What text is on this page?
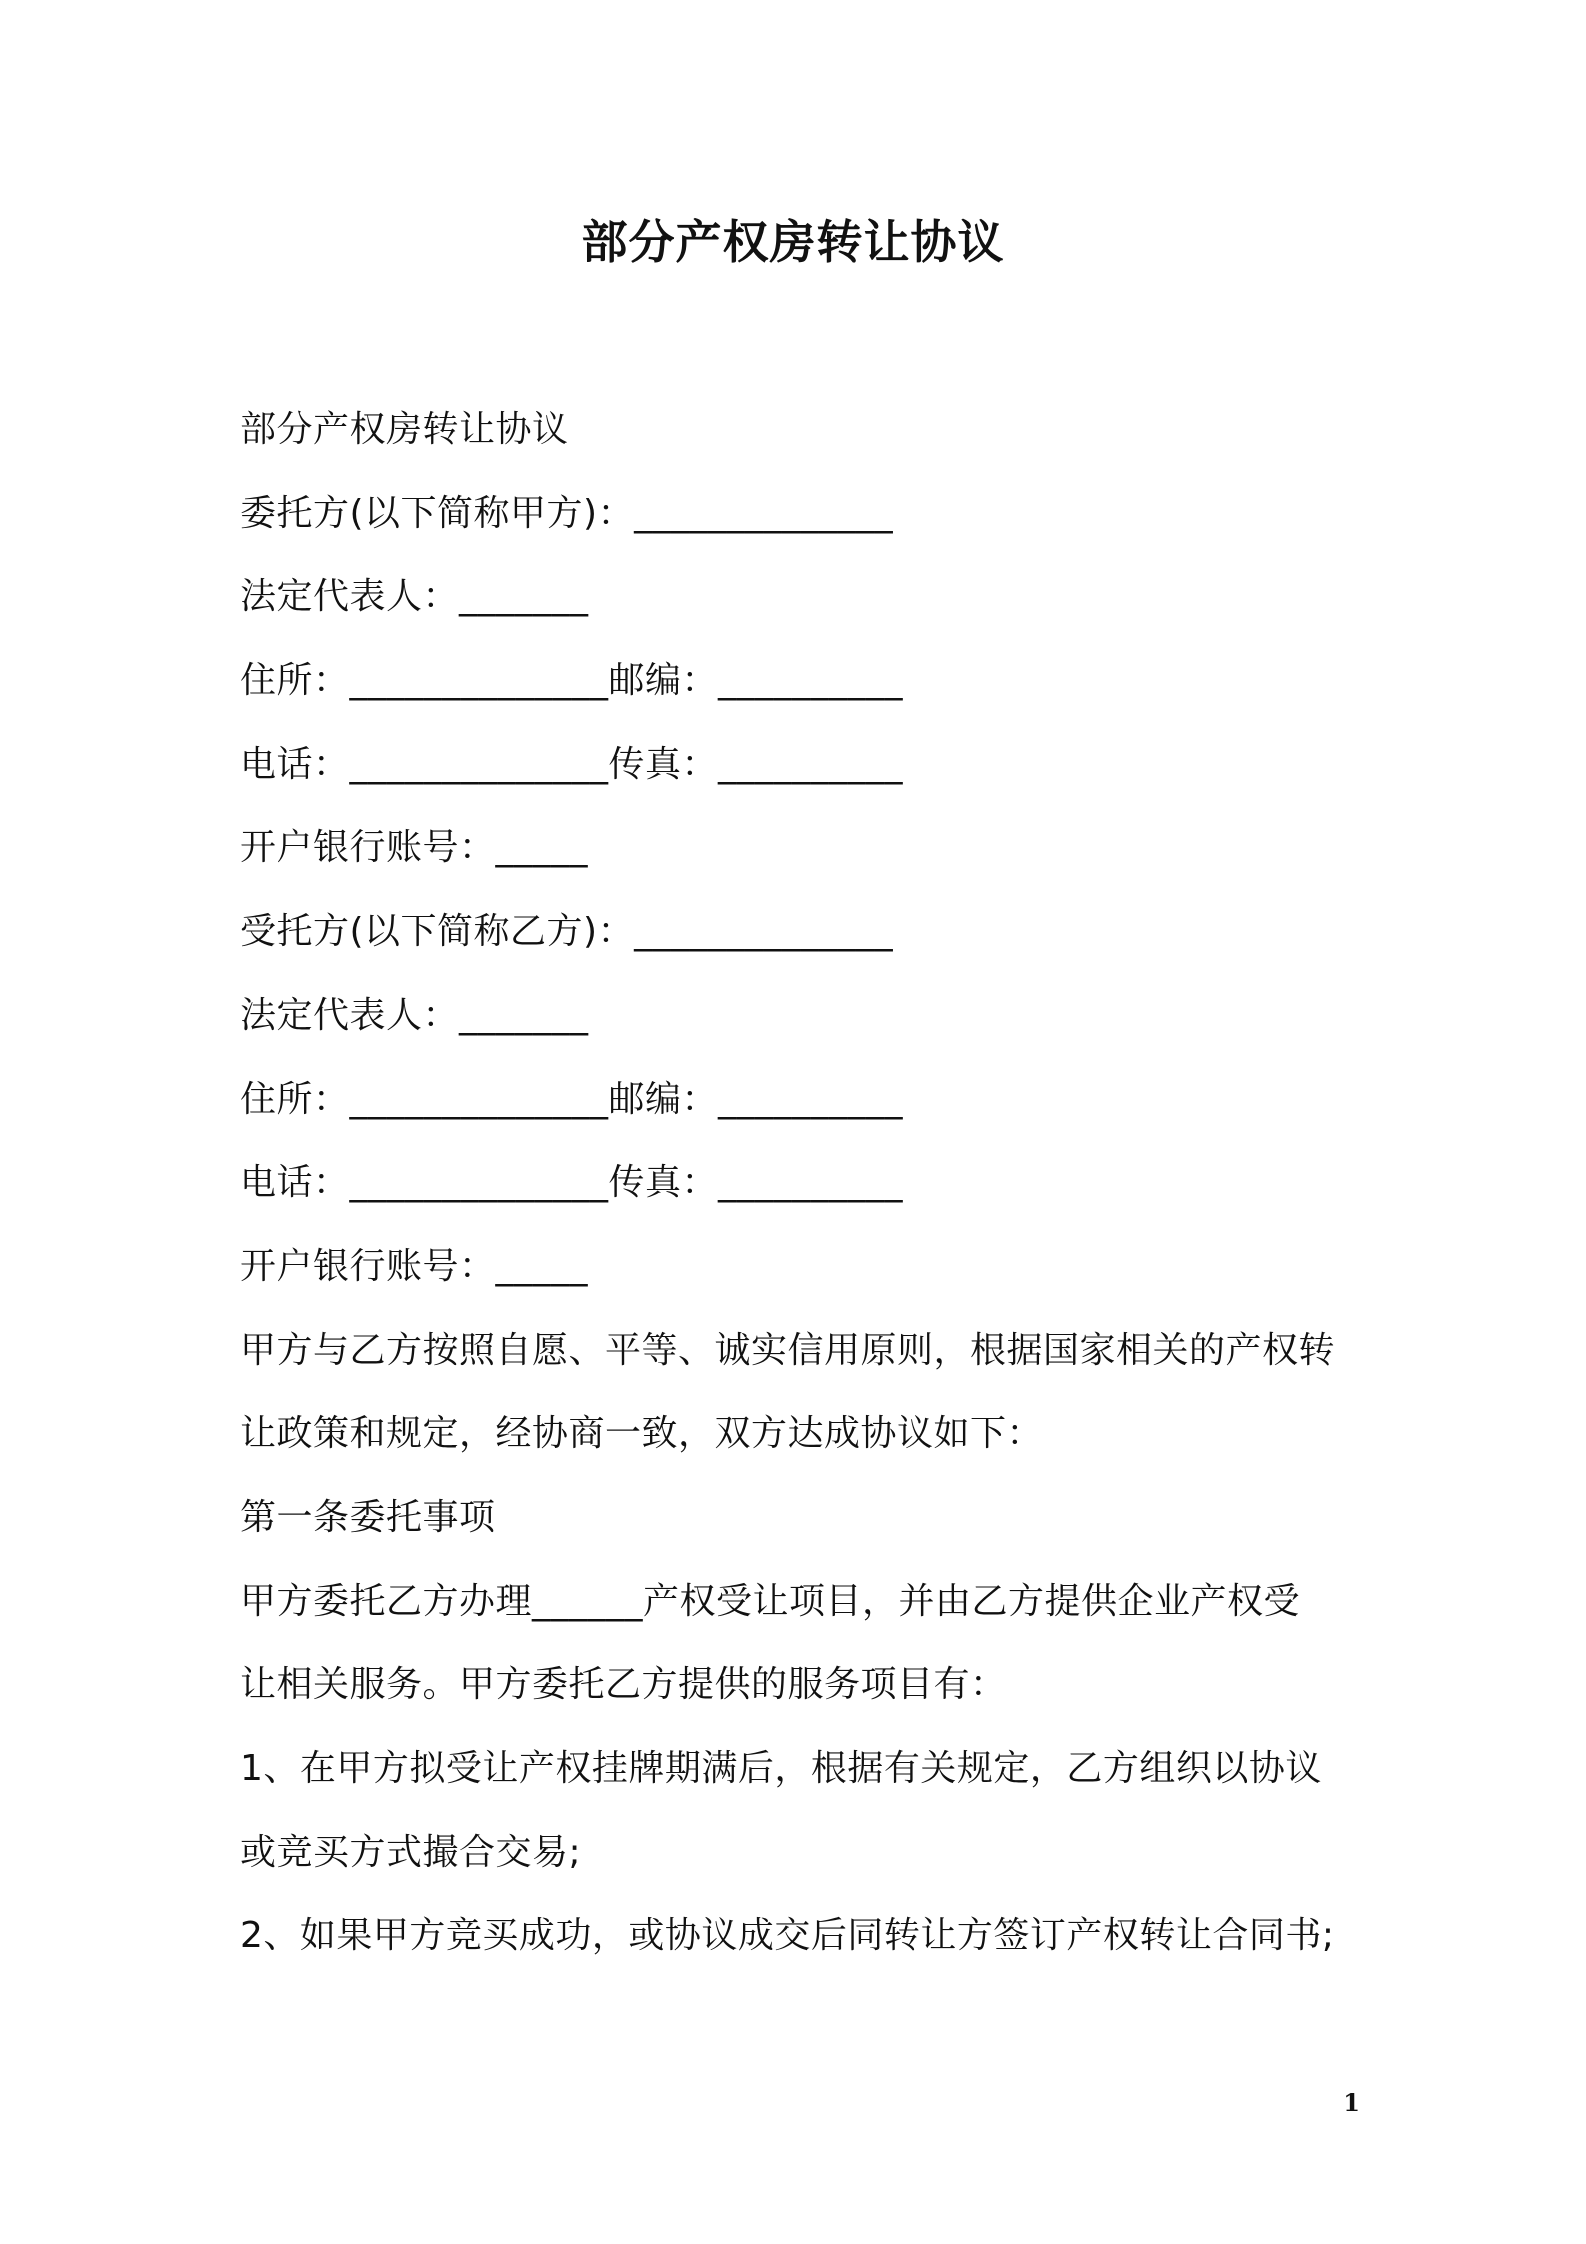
部分产权房转让协议
部分产权房转让协议
委托方(以下简称甲方)：______________
法定代表人：_______
住所：______________邮编：__________
电话：______________传真：__________
开户银行账号：_____
受托方(以下简称乙方)：______________
法定代表人：_______
住所：______________邮编：__________
电话：______________传真：__________
开户银行账号：_____
甲方与乙方按照自愿、平等、诚实信用原则，根据国家相关的产权转
让政策和规定，经协商一致，双方达成协议如下：
第一条委托事项
甲方委托乙方办理______产权受让项目，并由乙方提供企业产权受
让相关服务。甲方委托乙方提供的服务项目有：
1、在甲方拟受让产权挂牌期满后，根据有关规定，乙方组织以协议
或竞买方式撮合交易;
2、如果甲方竞买成功，或协议成交后同转让方签订产权转让合同书;
1
